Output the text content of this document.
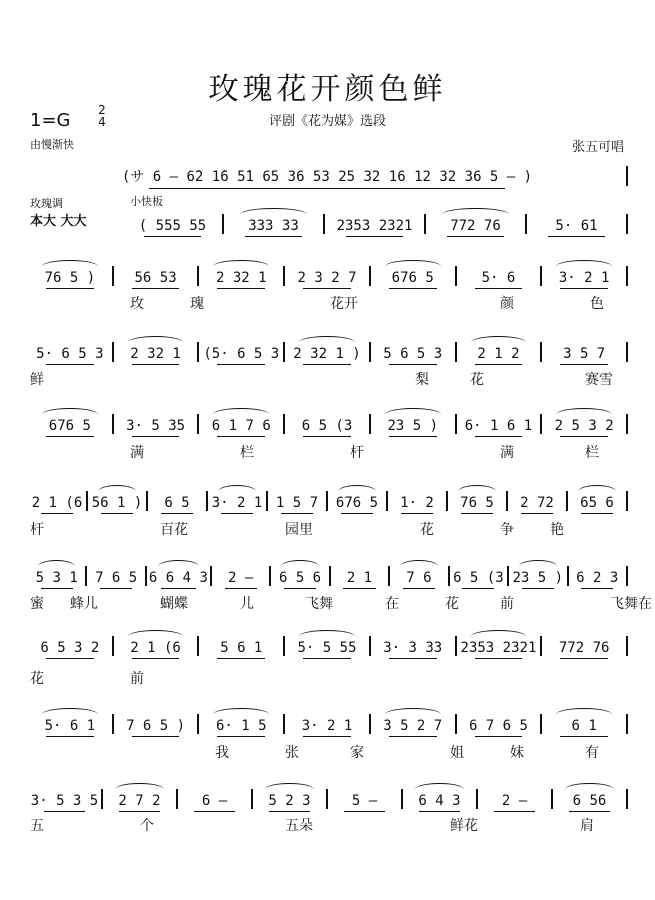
玫瑰花开颜色鲜
评剧《花为媒》选段
1=G 2
4
由慢渐快	张五可唱
玫瑰调	小快板
本大 大大
(サ 6 – 6̇2 1̇6 5̇1 65 36 53 25 32 16 12 32 36 5 – )
( 555 55	333 33	2353 2321	772 76	5· 61
76 5 )	56 53	2 32 1	2 3 2 7	676 5	5· 6	3· 2 1
5· 6 5 3	2 32 1	(5· 6 5 3	2 32 1 )	5 6 5 3	2 1 2	3 5 7
676 5	3· 5 35	6 1 7 6	6 5 (3	23 5 )	6· 1 6 1	2 5 3 2
2 1 (6 56 1 )	6 5	3· 2 1 1 5 7	676 5	1· 2	76 5	2 72	65 6
5 3 1	7 6 5 6 6 4 3	2 –	6 5 6	2 1	7 6	6 5 (3 23 5 ) 6 2 3
6 5 3 2	2 1 (6	5 6 1	5· 5 55	3· 3 33	2353 2321	772 76
5· 6 1	7 6 5 )	6· 1 5	3· 2 1	3 5 2 7	6 7 6 5	6 1
3· 5 3 5	2 7 2	6 –	5 2 3	5 –	6 4 3	2 –	6 56
玫	瑰	花开	颜	色
鲜	梨	花	赛雪
满	栏	杆	满	栏
杆	百花	园里	花	争	艳
蜜 蜂儿	蝴蝶	儿	飞舞	在	花	前	飞舞在
花	前
我	张	家	姐	妹	有
五	个	五朵	鲜花	肩
